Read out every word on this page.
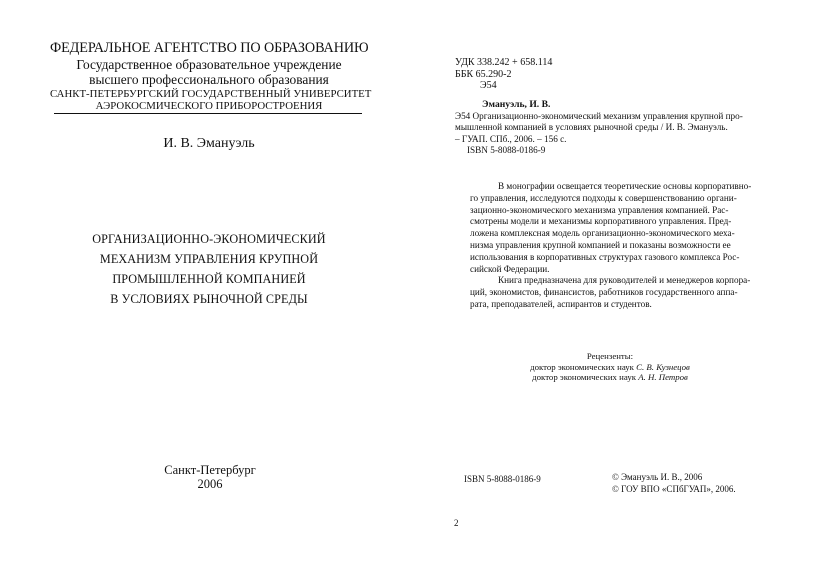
ФЕДЕРАЛЬНОЕ АГЕНТСТВО ПО ОБРАЗОВАНИЮ
Государственное образовательное учреждение
высшего профессионального образования
САНКТ-ПЕТЕРБУРГСКИЙ ГОСУДАРСТВЕННЫЙ УНИВЕРСИТЕТ
АЭРОКОСМИЧЕСКОГО ПРИБОРОСТРОЕНИЯ
И. В. Эмануэль
ОРГАНИЗАЦИОННО-ЭКОНОМИЧЕСКИЙ
МЕХАНИЗМ УПРАВЛЕНИЯ КРУПНОЙ
ПРОМЫШЛЕННОЙ КОМПАНИЕЙ
В УСЛОВИЯХ РЫНОЧНОЙ СРЕДЫ
Санкт-Петербург
2006
УДК 338.242 + 658.114
ББК 65.290-2
Э54
Эмануэль, И. В.
Э54 Организационно-экономический механизм управления крупной про-
мышленной компанией в условиях рыночной среды / И. В. Эмануэль.
– ГУАП. СПб., 2006. – 156 с.
ISBN 5-8088-0186-9
В монографии освещается теоретические основы корпоративно-
го управления, исследуются подходы к совершенствованию органи-
зационно-экономического механизма управления компанией. Рас-
смотрены модели и механизмы корпоративного управления. Пред-
ложена комплексная модель организационно-экономического меха-
низма управления крупной компанией и показаны возможности ее
использования в корпоративных структурах газового комплекса Рос-
сийской Федерации.
Книга предназначена для руководителей и менеджеров корпора-
ций, экономистов, финансистов, работников государственного аппа-
рата, преподавателей, аспирантов и студентов.
Рецензенты:
доктор экономических наук С. В. Кузнецов
доктор экономических наук А. Н. Петров
ISBN 5-8088-0186-9	© Эмануэль И. В., 2006
© ГОУ ВПО «СПбГУАП», 2006.
2
